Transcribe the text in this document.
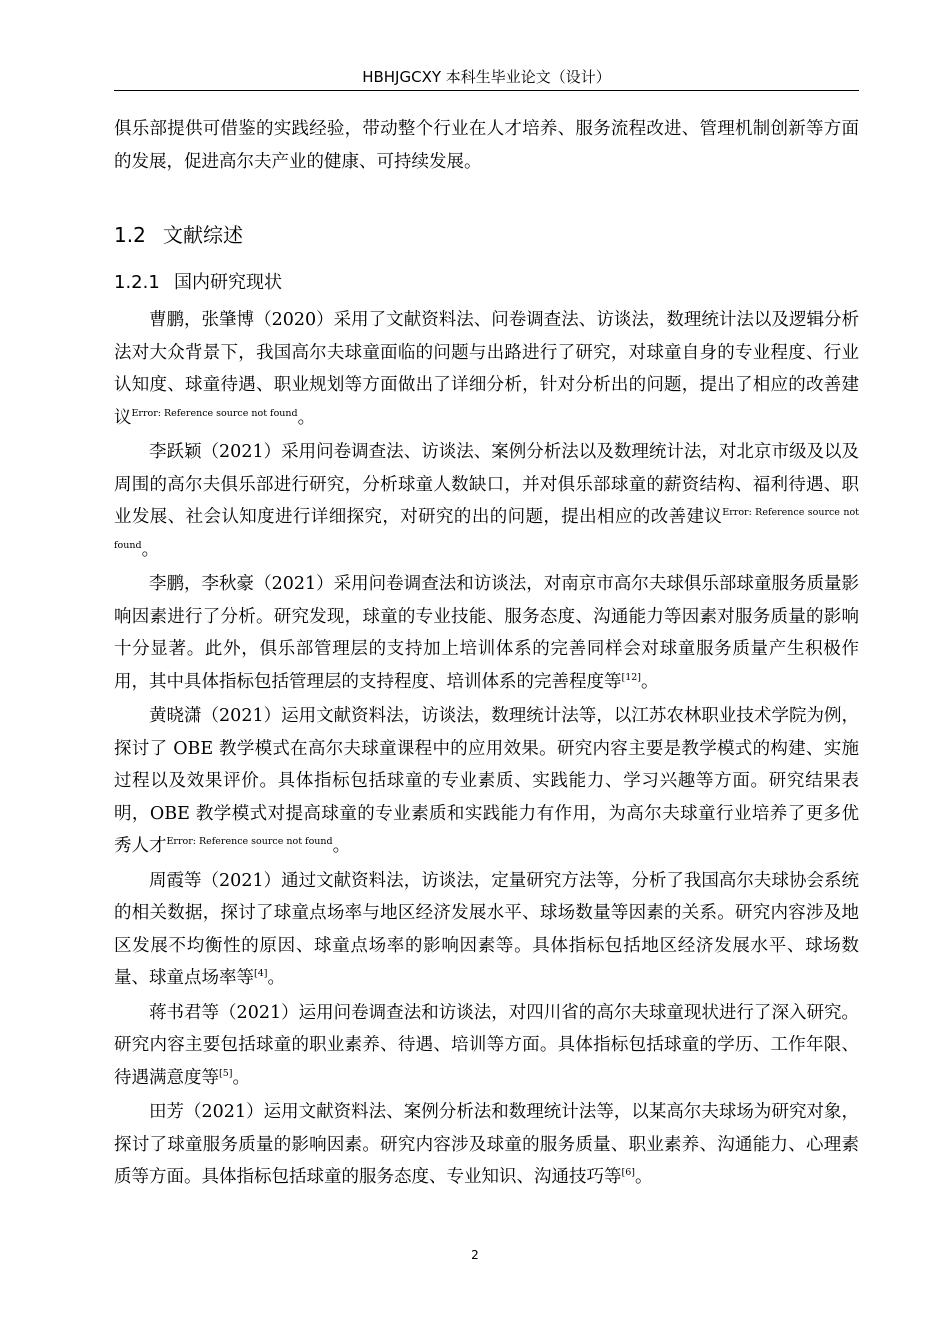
HBHJGCXY 本科生毕业论文（设计）

俱乐部提供可借鉴的实践经验，带动整个行业在人才培养、服务流程改进、管理机制创新等方面的发展，促进高尔夫产业的健康、可持续发展。

1.2 文献综述
1.2.1 国内研究现状

曹鹏，张肇博（2020）采用了文献资料法、问卷调查法、访谈法，数理统计法以及逻辑分析法对大众背景下，我国高尔夫球童面临的问题与出路进行了研究，对球童自身的专业程度、行业认知度、球童待遇、职业规划等方面做出了详细分析，针对分析出的问题，提出了相应的改善建议$^{Error: Reference source not found}$。

李跃颖（2021）采用问卷调查法、访谈法、案例分析法以及数理统计法，对北京市级及以及周围的高尔夫俱乐部进行研究，分析球童人数缺口，并对俱乐部球童的薪资结构、福利待遇、职业发展、社会认知度进行详细探究，对研究的出的问题，提出相应的改善建议$^{Error: Reference source not found}$。

李鹏，李秋豪（2021）采用问卷调查法和访谈法，对南京市高尔夫球俱乐部球童服务质量影响因素进行了分析。研究发现，球童的专业技能、服务态度、沟通能力等因素对服务质量的影响十分显著。此外，俱乐部管理层的支持加上培训体系的完善同样会对球童服务质量产生积极作用，其中具体指标包括管理层的支持程度、培训体系的完善程度等[12]。

黄晓潇（2021）运用文献资料法，访谈法，数理统计法等，以江苏农林职业技术学院为例，探讨了 OBE 教学模式在高尔夫球童课程中的应用效果。研究内容主要是教学模式的构建、实施过程以及效果评价。具体指标包括球童的专业素质、实践能力、学习兴趣等方面。研究结果表明，OBE 教学模式对提高球童的专业素质和实践能力有作用，为高尔夫球童行业培养了更多优秀人才$^{Error: Reference source not found}$。

周霞等（2021）通过文献资料法，访谈法，定量研究方法等，分析了我国高尔夫球协会系统的相关数据，探讨了球童点场率与地区经济发展水平、球场数量等因素的关系。研究内容涉及地区发展不均衡性的原因、球童点场率的影响因素等。具体指标包括地区经济发展水平、球场数量、球童点场率等[4]。

蒋书君等（2021）运用问卷调查法和访谈法，对四川省的高尔夫球童现状进行了深入研究。研究内容主要包括球童的职业素养、待遇、培训等方面。具体指标包括球童的学历、工作年限、待遇满意度等[5]。

田芳（2021）运用文献资料法、案例分析法和数理统计法等，以某高尔夫球场为研究对象，探讨了球童服务质量的影响因素。研究内容涉及球童的服务质量、职业素养、沟通能力、心理素质等方面。具体指标包括球童的服务态度、专业知识、沟通技巧等[6]。

2
